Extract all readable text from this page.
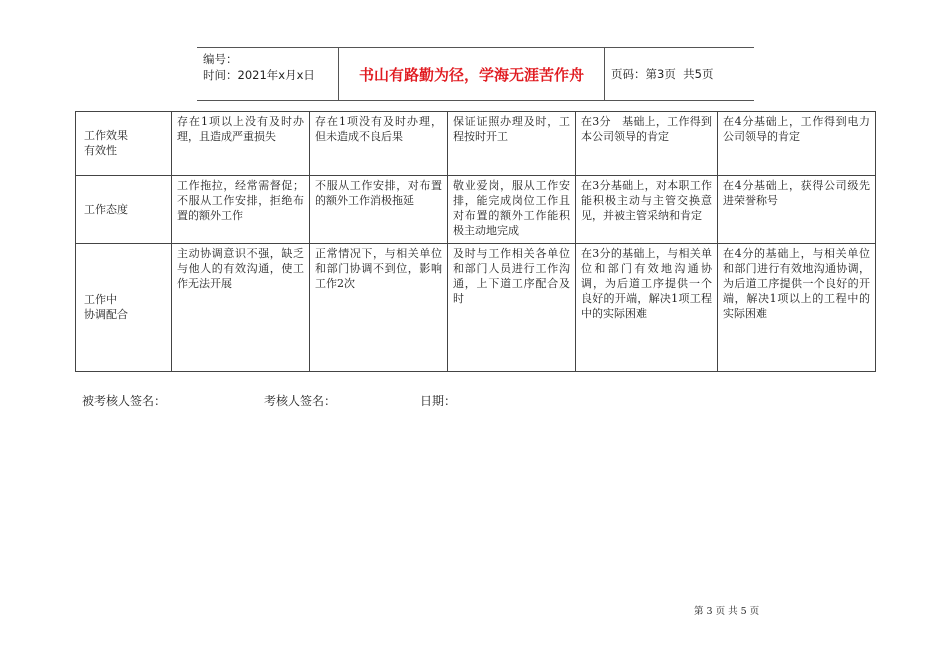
编号：
时间：2021年x月x日	书山有路勤为径，学海无涯苦作舟	页码：第3页  共5页
工作效果
有效性	存在1项以上没有及时办理，且造成严重损失	存在1项没有及时办理，但未造成不良后果	保证证照办理及时，工程按时开工	在3分　基础上，工作得到本公司领导的肯定	在4分基础上，工作得到电力公司领导的肯定

工作态度	工作拖拉，经常需督促；不服从工作安排，拒绝布置的额外工作	不服从工作安排，对布置的额外工作消极拖延	敬业爱岗，服从工作安排，能完成岗位工作且对布置的额外工作能积极主动地完成	在3分基础上，对本职工作能积极主动与主管交换意见，并被主管采纳和肯定	在4分基础上，获得公司级先进荣誉称号

工作中
协调配合	主动协调意识不强，缺乏与他人的有效沟通，使工作无法开展	正常情况下，与相关单位和部门协调不到位，影响工作2次	及时与工作相关各单位和部门人员进行工作沟通，上下道工序配合及时	在3分的基础上，与相关单位和部门有效地沟通协调，为后道工序提供一个良好的开端，解决1项工程中的实际困难	在4分的基础上，与相关单位和部门进行有效地沟通协调，为后道工序提供一个良好的开端，解决1项以上的工程中的实际困难
被考核人签名：	考核人签名：	日期：
第 3 页 共 5 页
